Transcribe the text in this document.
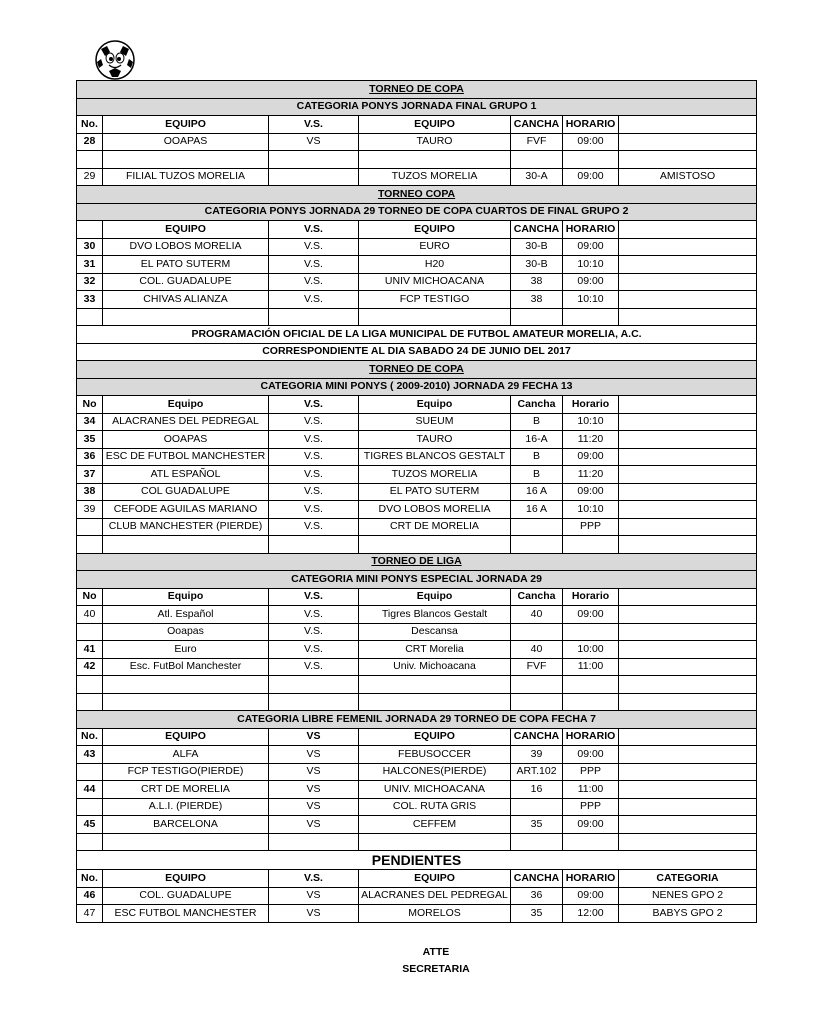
TORNEO DE COPA						
CATEGORIA PONYS JORNADA FINAL GRUPO 1						
No.	EQUIPO	V.S.	EQUIPO	CANCHA	HORARIO	
28	OOAPAS	VS	TAURO	FVF	09:00	

29	FILIAL TUZOS MORELIA		TUZOS MORELIA	30-A	09:00	AMISTOSO
TORNEO COPA						
CATEGORIA PONYS JORNADA 29 TORNEO DE COPA CUARTOS DE FINAL GRUPO 2						
	EQUIPO	V.S.	EQUIPO	CANCHA	HORARIO	
30	DVO LOBOS MORELIA	V.S.	EURO	30-B	09:00	
31	EL PATO SUTERM	V.S.	H20	30-B	10:10	
32	COL. GUADALUPE	V.S.	UNIV MICHOACANA	38	09:00	
33	CHIVAS ALIANZA	V.S.	FCP TESTIGO	38	10:10	

PROGRAMACIÓN OFICIAL DE LA LIGA MUNICIPAL DE FUTBOL AMATEUR MORELIA, A.C.						
CORRESPONDIENTE AL DIA SABADO 24 DE JUNIO DEL 2017						
TORNEO DE COPA						
CATEGORIA MINI PONYS ( 2009-2010) JORNADA 29 FECHA 13						
No	Equipo	V.S.	Equipo	Cancha	Horario	
34	ALACRANES DEL PEDREGAL	V.S.	SUEUM	B	10:10	
35	OOAPAS	V.S.	TAURO	16-A	11:20	
36	ESC DE FUTBOL MANCHESTER	V.S.	TIGRES BLANCOS GESTALT	B	09:00	
37	ATL ESPAÑOL	V.S.	TUZOS MORELIA	B	11:20	
38	COL GUADALUPE	V.S.	EL PATO SUTERM	16 A	09:00	
39	CEFODE AGUILAS MARIANO	V.S.	DVO LOBOS MORELIA	16 A	10:10	
	CLUB MANCHESTER (PIERDE)	V.S.	CRT DE MORELIA		PPP	

TORNEO DE LIGA						
CATEGORIA MINI PONYS ESPECIAL JORNADA 29						
No	Equipo	V.S.	Equipo	Cancha	Horario	
40	Atl. Español	V.S.	Tigres Blancos Gestalt	40	09:00	
	Ooapas	V.S.	Descansa			
41	Euro	V.S.	CRT Morelia	40	10:00	
42	Esc. FutBol Manchester	V.S.	Univ. Michoacana	FVF	11:00	

CATEGORIA LIBRE FEMENIL JORNADA 29 TORNEO DE COPA FECHA 7						
No.	EQUIPO	VS	EQUIPO	CANCHA	HORARIO	
43	ALFA	VS	FEBUSOCCER	39	09:00	
	FCP TESTIGO(PIERDE)	VS	HALCONES(PIERDE)	ART.102	PPP	
44	CRT DE MORELIA	VS	UNIV. MICHOACANA	16	11:00	
	A.L.I. (PIERDE)	VS	COL. RUTA GRIS		PPP	
45	BARCELONA	VS	CEFFEM	35	09:00	

PENDIENTES						
No.	EQUIPO	V.S.	EQUIPO	CANCHA	HORARIO	CATEGORIA
46	COL. GUADALUPE	VS	ALACRANES DEL PEDREGAL	36	09:00	NENES GPO 2
47	ESC FUTBOL MANCHESTER	VS	MORELOS	35	12:00	BABYS GPO 2
ATTE
SECRETARIA
